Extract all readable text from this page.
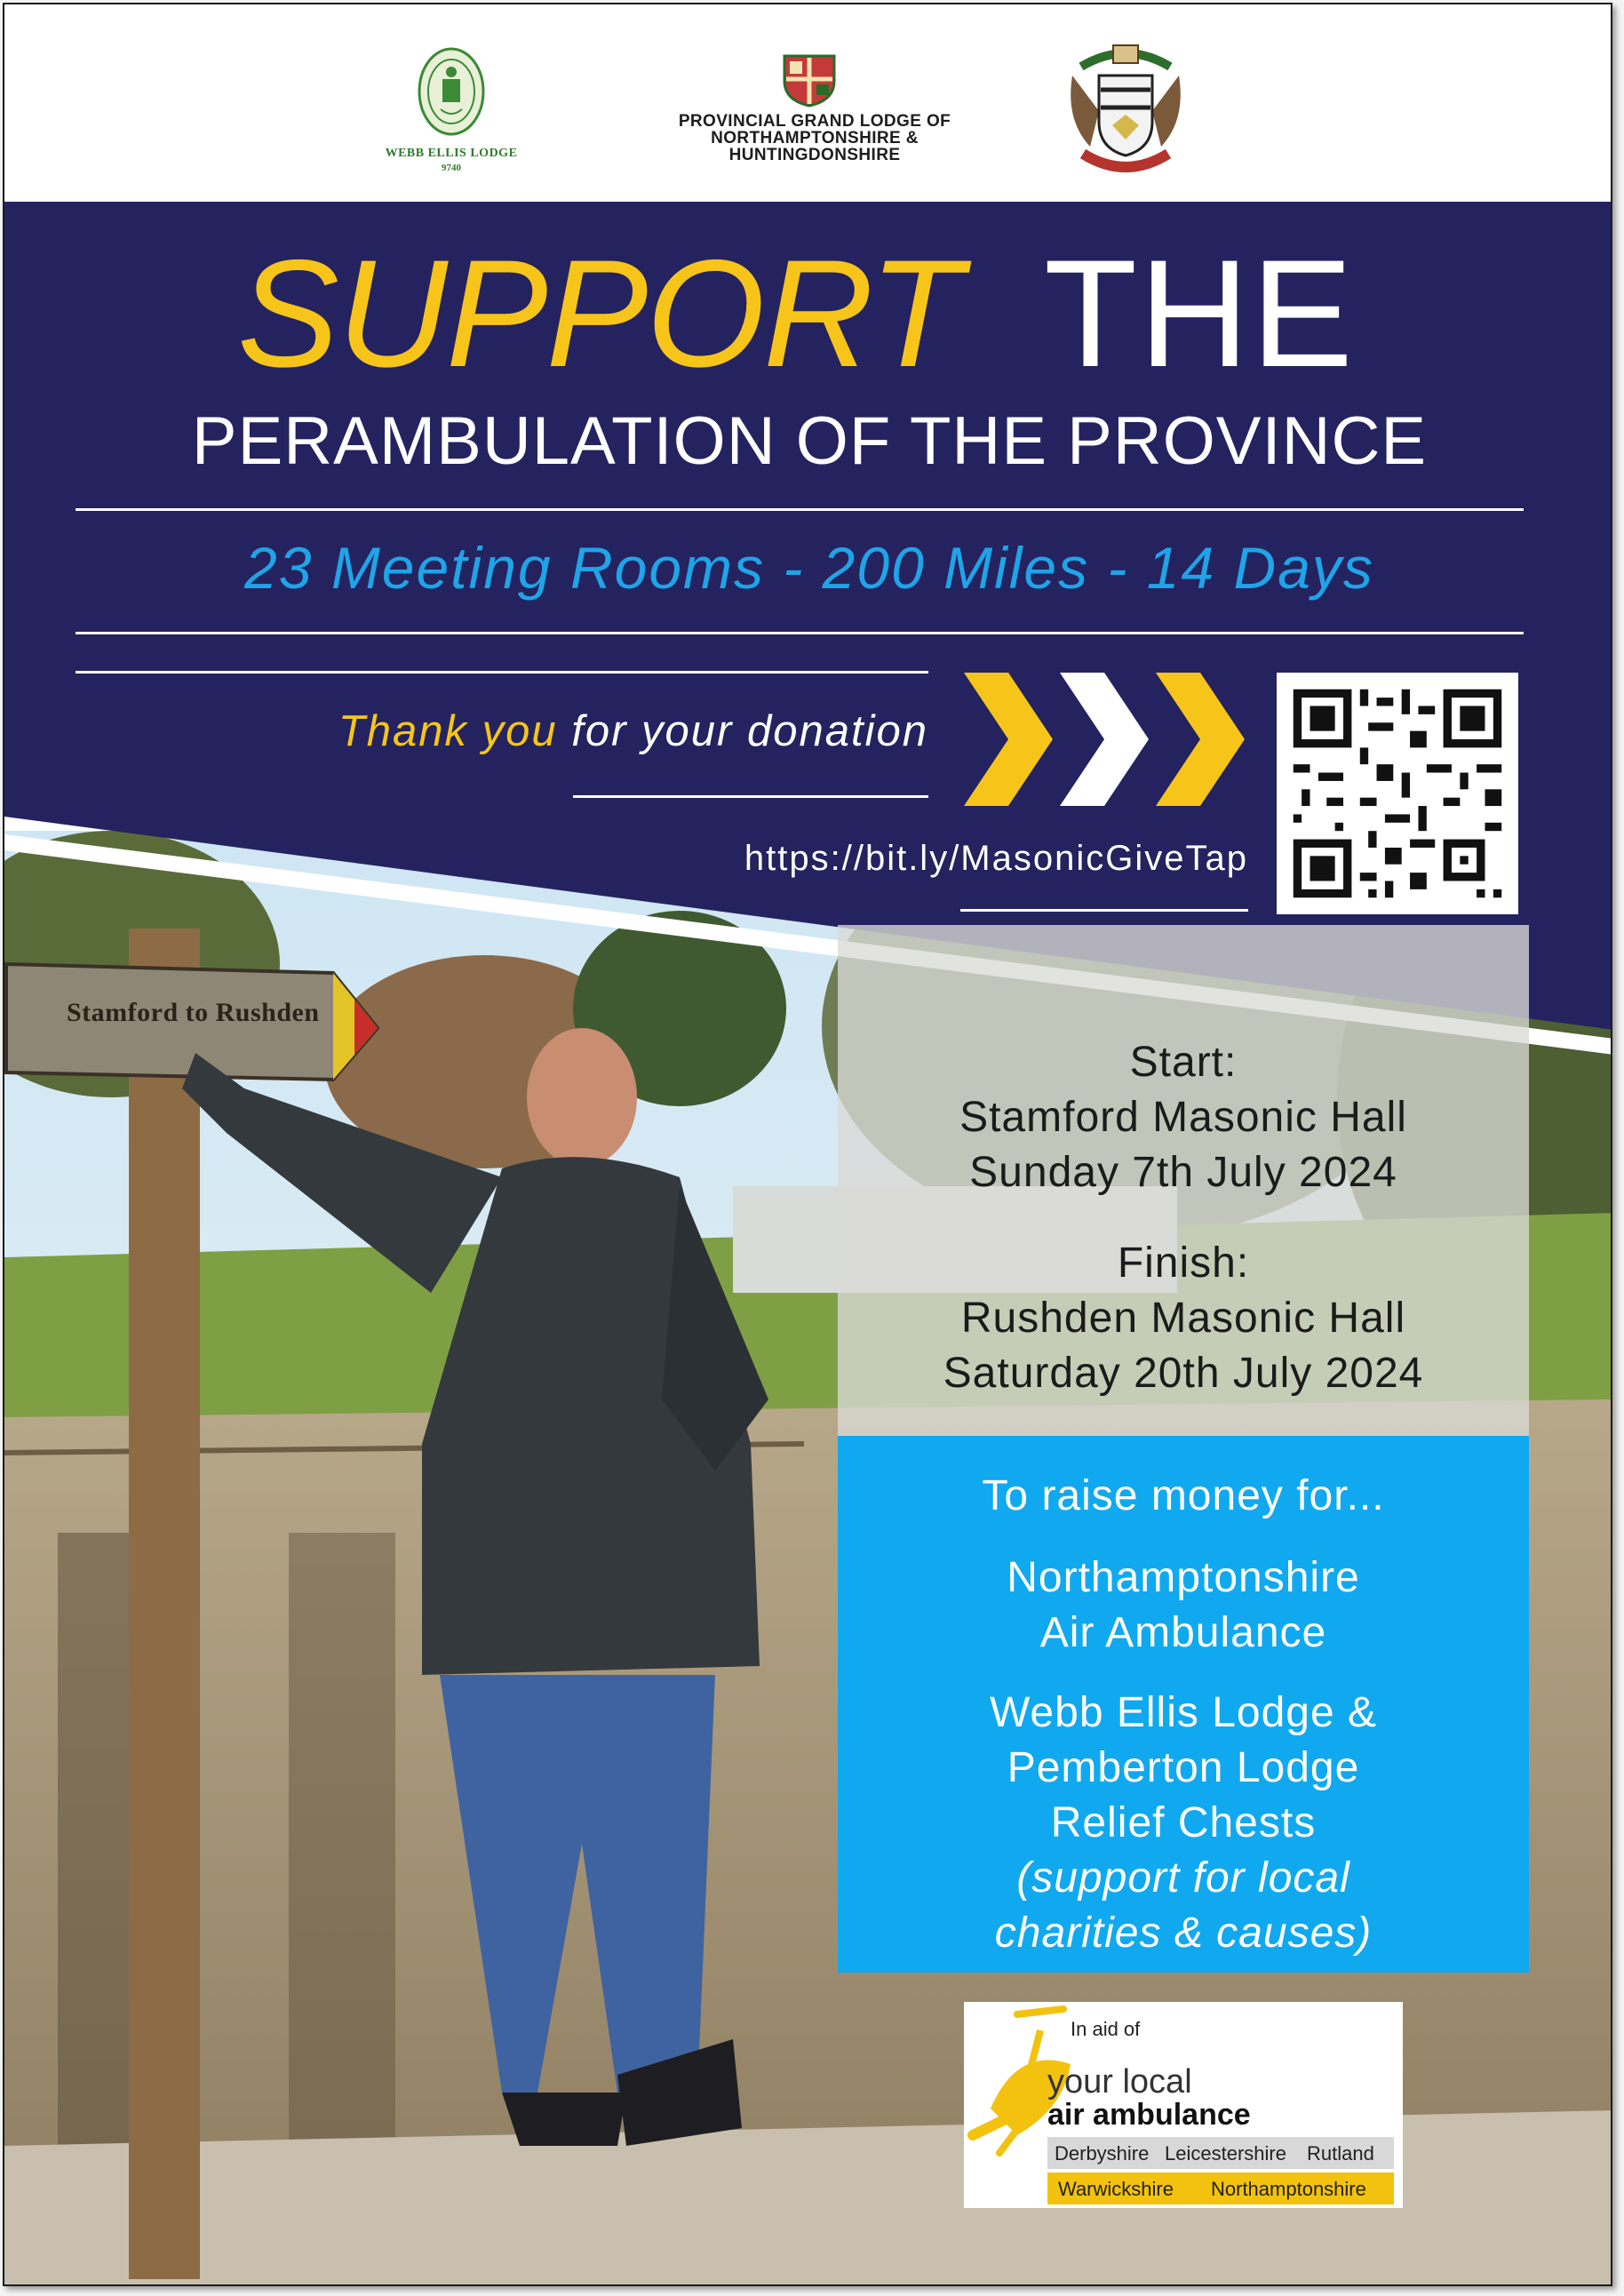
WEBB ELLIS LODGE
9740
PROVINCIAL GRAND LODGE OF
NORTHAMPTONSHIRE &
HUNTINGDONSHIRE
SUPPORT THE
PERAMBULATION OF THE PROVINCE
23 Meeting Rooms - 200 Miles - 14 Days
Thank you for your donation
https://bit.ly/MasonicGiveTap
Start:
Stamford Masonic Hall
Sunday 7th July 2024
Finish:
Rushden Masonic Hall
Saturday 20th July 2024
To raise money for...
Northamptonshire
Air Ambulance
Webb Ellis Lodge &
Pemberton Lodge
Relief Chests
(support for local
charities & causes)
In aid of
your local
air ambulance
Derbyshire Leicestershire Rutland
Warwickshire Northamptonshire
Stamford to Rushden
